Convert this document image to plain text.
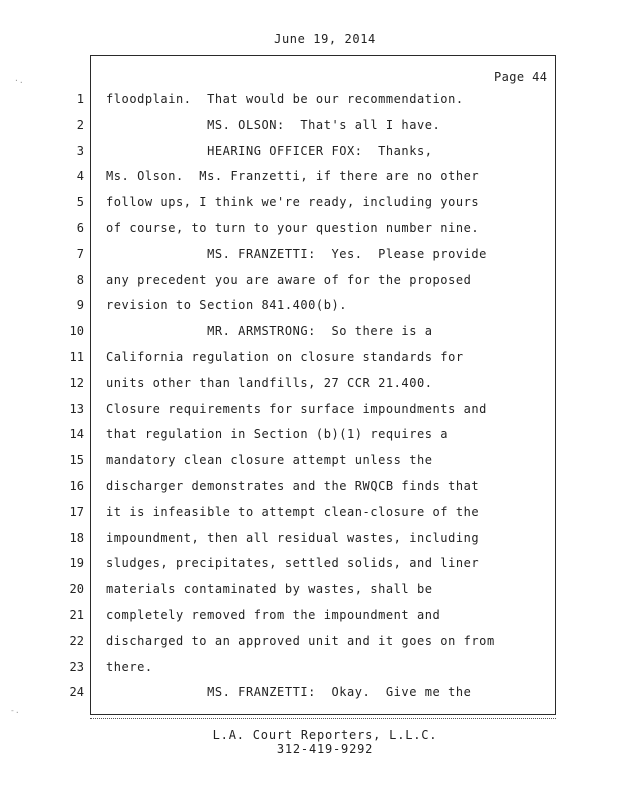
June 19, 2014
Page 44
1
2
3
4
5
6
7
8
9
10
11
12
13
14
15
16
17
18
19
20
21
22
23
24
floodplain.  That would be our recommendation.
MS. OLSON:  That's all I have.
HEARING OFFICER FOX:  Thanks,
Ms. Olson.  Ms. Franzetti, if there are no other
follow ups, I think we're ready, including yours
of course, to turn to your question number nine.
MS. FRANZETTI:  Yes.  Please provide
any precedent you are aware of for the proposed
revision to Section 841.400(b).
MR. ARMSTRONG:  So there is a
California regulation on closure standards for
units other than landfills, 27 CCR 21.400.
Closure requirements for surface impoundments and
that regulation in Section (b)(1) requires a
mandatory clean closure attempt unless the
discharger demonstrates and the RWQCB finds that
it is infeasible to attempt clean-closure of the
impoundment, then all residual wastes, including
sludges, precipitates, settled solids, and liner
materials contaminated by wastes, shall be
completely removed from the impoundment and
discharged to an approved unit and it goes on from
there.
MS. FRANZETTI:  Okay.  Give me the
L.A. Court Reporters, L.L.C.
312-419-9292
·.
-.
